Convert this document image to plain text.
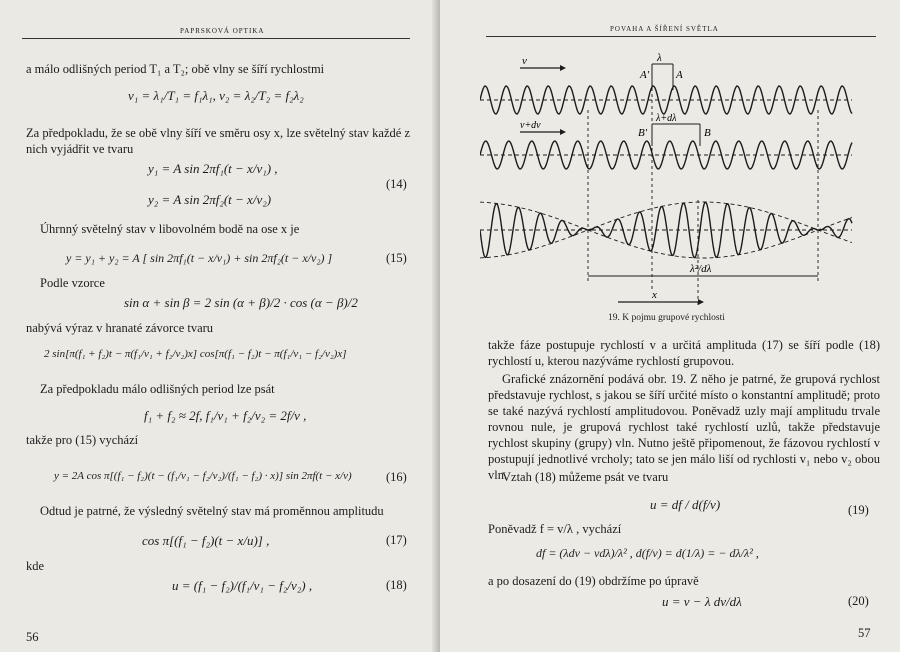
PAPRSKOVÁ OPTIKA
a málo odlišných period T₁ a T₂; obě vlny se šíří rychlostmi
v₁ = λ₁/T₁ = f₁λ₁, v₂ = λ₂/T₂ = f₂λ₂
Za předpokladu, že se obě vlny šíří ve směru osy x, lze světelný stav každé z nich vyjádřit ve tvaru
y₁ = A sin 2πf₁(t − x/v₁) ,
y₂ = A sin 2πf₂(t − x/v₂)
(14)
Úhrnný světelný stav v libovolném bodě na ose x je
y = y₁ + y₂ = A [ sin 2πf₁(t − x/v₁) + sin 2πf₂(t − x/v₂) ]	(15)
Podle vzorce
sin α + sin β = 2 sin (α + β)/2 · cos (α − β)/2
nabývá výraz v hranaté závorce tvaru
2 sin[π(f₁ + f₂)t − π(f₁/v₁ + f₂/v₂)x] cos[π(f₁ − f₂)t − π(f₁/v₁ − f₂/v₂)x]
Za předpokladu málo odlišných period lze psát
f₁ + f₂ ≈ 2f, f₁/v₁ + f₂/v₂ = 2f/v ,
takže pro (15) vychází
y = 2A cos π[(f₁ − f₂)(t − (f₁/v₁ − f₂/v₂)/(f₁ − f₂) · x)] sin 2πf(t − x/v)	(16)
Odtud je patrné, že výsledný světelný stav má proměnnou amplitudu
cos π[(f₁ − f₂)(t − x/u)] ,	(17)
kde
u = (f₁ − f₂)/(f₁/v₁ − f₂/v₂) ,	(18)
56
POVAHA A ŠÍŘENÍ SVĚTLA
v	λ
A' A
v+dv
λ+dλ
B'	B
λ²/dλ
x
19. K pojmu grupové rychlosti
takže fáze postupuje rychlostí v a určitá amplituda (17) se šíří podle (18) rychlostí u, kterou nazýváme rychlostí grupovou.
Grafické znázornění podává obr. 19. Z něho je patrné, že grupová rychlost představuje rychlost, s jakou se šíří určité místo o konstantní amplitudě; proto se také nazývá rychlostí amplitudovou. Poněvadž uzly mají amplitudu trvale rovnou nule, je grupová rychlost také rychlostí uzlů, takže představuje rychlost skupiny (grupy) vln. Nutno ještě připomenout, že fázovou rychlostí v postupují jednotlivé vrcholy; tato se jen málo liší od rychlosti v₁ nebo v₂ obou vln.
Vztah (18) můžeme psát ve tvaru
u = df / d(f/v)	(19)
Poněvadž f = v/λ , vychází
df = (λdv − vdλ)/λ² , d(f/v) = d(1/λ) = − dλ/λ² ,
a po dosazení do (19) obdržíme po úpravě
u = v − λ dv/dλ	(20)
57
